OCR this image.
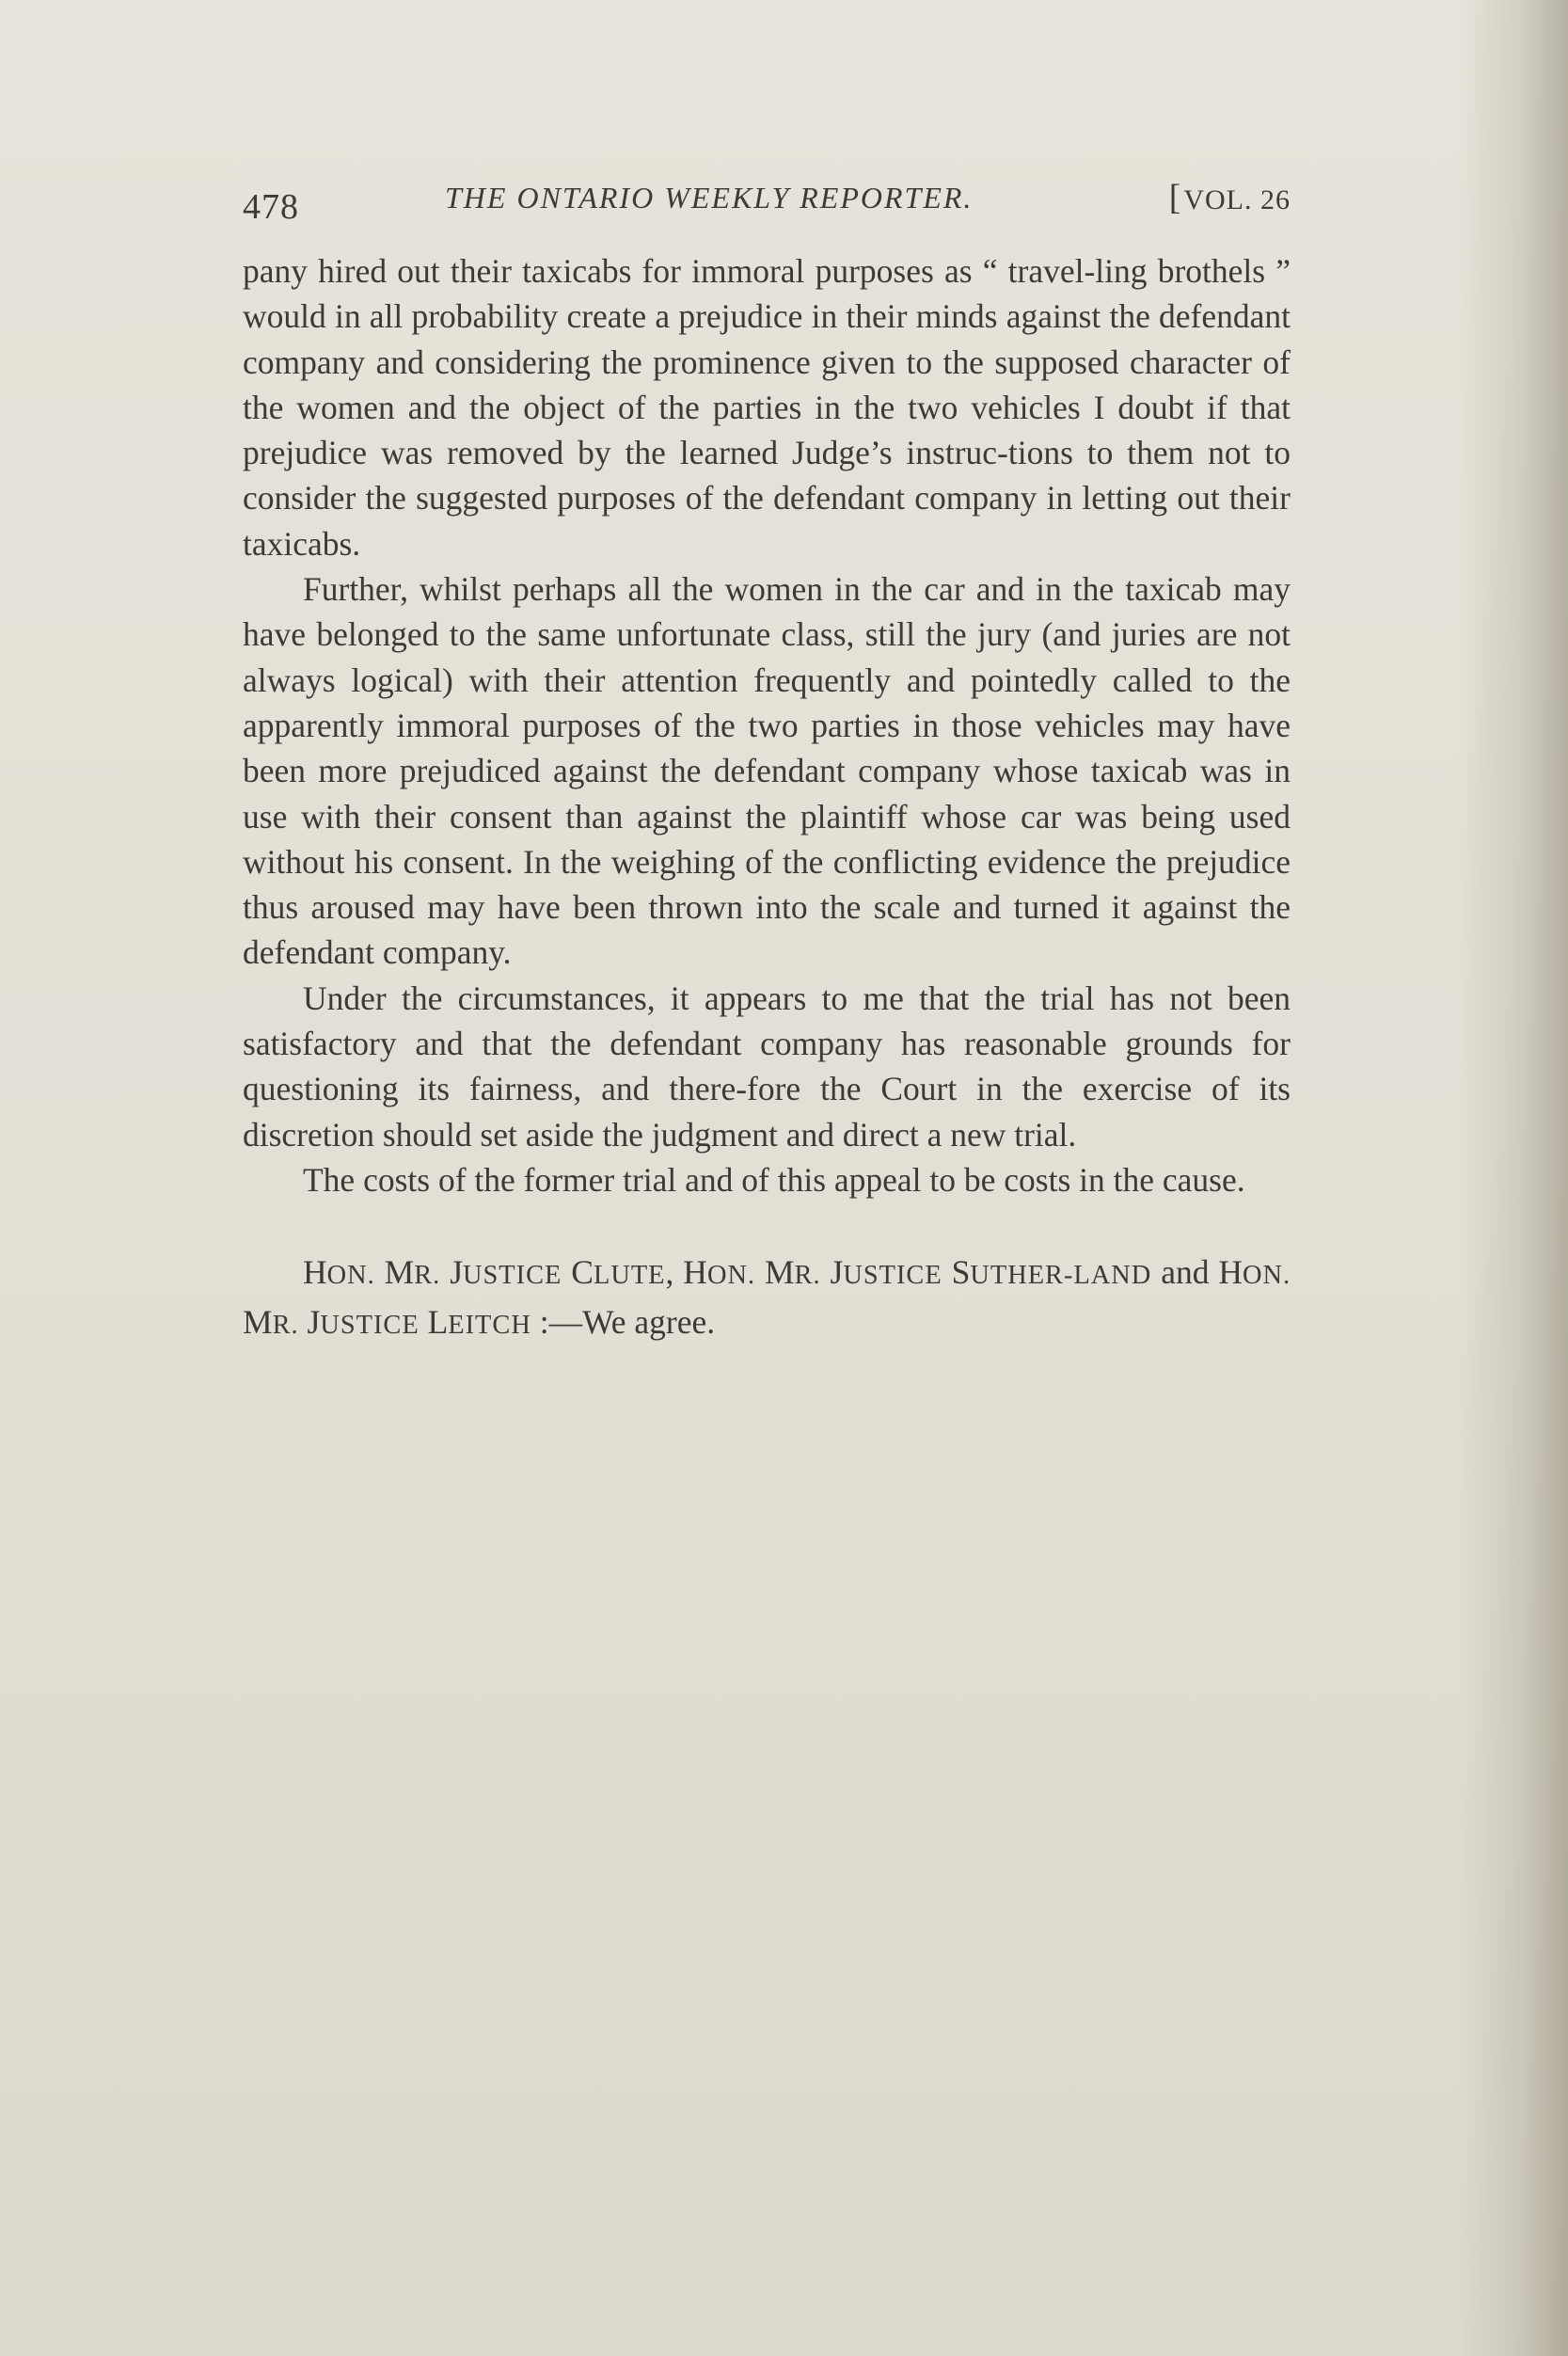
478	THE ONTARIO WEEKLY REPORTER.	[VOL. 26

pany hired out their taxicabs for immoral purposes as “ travel-ling brothels ” would in all probability create a prejudice in their minds against the defendant company and considering the prominence given to the supposed character of the women and the object of the parties in the two vehicles I doubt if that prejudice was removed by the learned Judge’s instruc-tions to them not to consider the suggested purposes of the defendant company in letting out their taxicabs.

Further, whilst perhaps all the women in the car and in the taxicab may have belonged to the same unfortunate class, still the jury (and juries are not always logical) with their attention frequently and pointedly called to the apparently immoral purposes of the two parties in those vehicles may have been more prejudiced against the defendant company whose taxicab was in use with their consent than against the plaintiff whose car was being used without his consent. In the weighing of the conflicting evidence the prejudice thus aroused may have been thrown into the scale and turned it against the defendant company.

Under the circumstances, it appears to me that the trial has not been satisfactory and that the defendant company has reasonable grounds for questioning its fairness, and there-fore the Court in the exercise of its discretion should set aside the judgment and direct a new trial.

The costs of the former trial and of this appeal to be costs in the cause.

HON. MR. JUSTICE CLUTE, HON. MR. JUSTICE SUTHER-LAND and HON. MR. JUSTICE LEITCH :—We agree.
